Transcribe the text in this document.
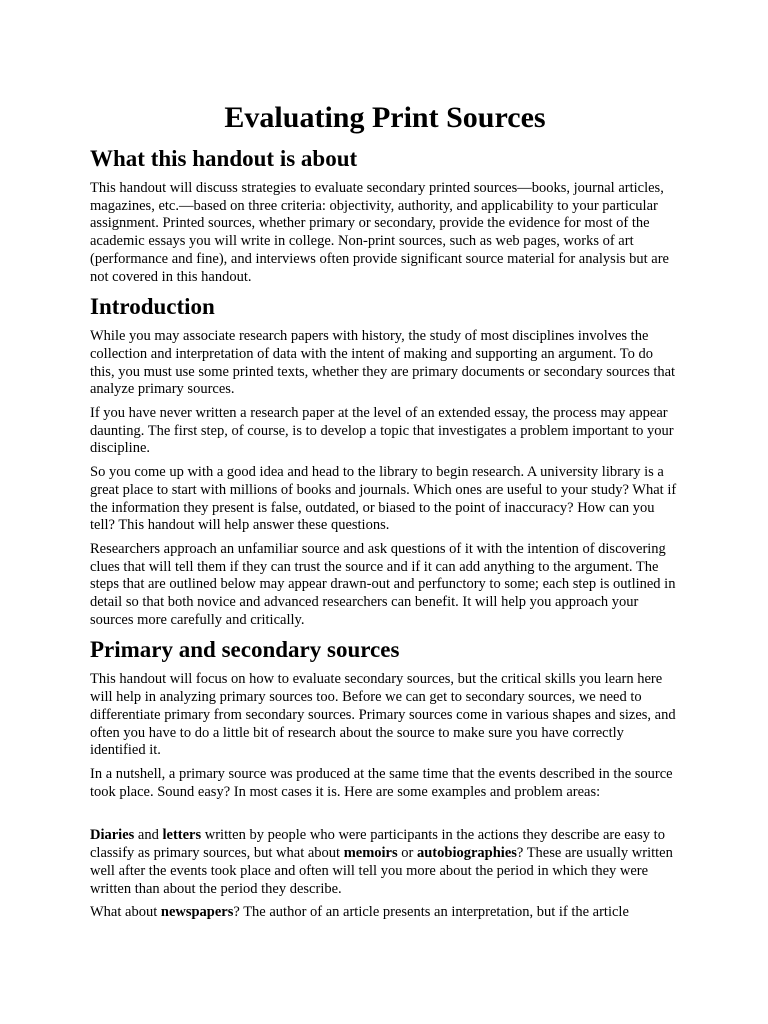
Evaluating Print Sources
What this handout is about

This handout will discuss strategies to evaluate secondary printed sources—books, journal articles, magazines, etc.—based on three criteria: objectivity, authority, and applicability to your particular assignment. Printed sources, whether primary or secondary, provide the evidence for most of the academic essays you will write in college. Non-print sources, such as web pages, works of art (performance and fine), and interviews often provide significant source material for analysis but are not covered in this handout.

Introduction

While you may associate research papers with history, the study of most disciplines involves the collection and interpretation of data with the intent of making and supporting an argument. To do this, you must use some printed texts, whether they are primary documents or secondary sources that analyze primary sources.

If you have never written a research paper at the level of an extended essay, the process may appear daunting. The first step, of course, is to develop a topic that investigates a problem important to your discipline.

So you come up with a good idea and head to the library to begin research. A university library is a great place to start with millions of books and journals. Which ones are useful to your study? What if the information they present is false, outdated, or biased to the point of inaccuracy? How can you tell? This handout will help answer these questions.

Researchers approach an unfamiliar source and ask questions of it with the intention of discovering clues that will tell them if they can trust the source and if it can add anything to the argument. The steps that are outlined below may appear drawn-out and perfunctory to some; each step is outlined in detail so that both novice and advanced researchers can benefit. It will help you approach your sources more carefully and critically.

Primary and secondary sources

This handout will focus on how to evaluate secondary sources, but the critical skills you learn here will help in analyzing primary sources too. Before we can get to secondary sources, we need to differentiate primary from secondary sources. Primary sources come in various shapes and sizes, and often you have to do a little bit of research about the source to make sure you have correctly identified it.

In a nutshell, a primary source was produced at the same time that the events described in the source took place. Sound easy? In most cases it is. Here are some examples and problem areas:

Diaries and letters written by people who were participants in the actions they describe are easy to classify as primary sources, but what about memoirs or autobiographies? These are usually written well after the events took place and often will tell you more about the period in which they were written than about the period they describe.

What about newspapers? The author of an article presents an interpretation, but if the article
